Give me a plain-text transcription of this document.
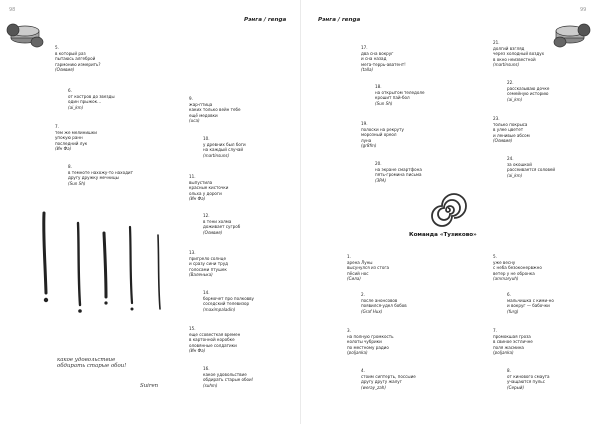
98
Рэнга / renga
5.
в который раз
пытаюсь алгеброй
гармонию измерить?
(Оливия)
6.
от костров до звезды
один прыжок…
(ai_km)
7.
тем же мелинишки
упокую ранн
последний лук
(Ин Фа)
8.
в темноте нахожу-то находит
другу дружку мечницы
(Sun Sh)
9.
жар-птица
каких только вейн тебе
ещё медовки
(uca)
10.
у древних был боги
на каждый случай
(martinsuns)
11.
выпустила
красные кисточки
ольха у дороги
(Ин Фа)
12.
в тени холма
доживает сугроб
(Оливия)
13.
пригрело солнце
и сразу сини труд
голосами птушек
(Валенька)
14.
бормочет про полковву
соседский телевизор
(maximpaladin)
15.
еще ссовесткая времен
в картонной коробке
оловянные солдатики
(Ин Фа)
16.
какое удовольствие
обдирать старые обои!
(suhm)
какое удовольствие
обдирать старые обои!
Suiren
99
Рэнга / renga
17.
два сна вокруг
и сна назад
мега-террь-аватент!
(talla)
18.
на открытом теледоле
крошит пай-бол
(Sun Sh)
19.
полоски на рекруту
морозный ореол
луна
(gr8fm)
20.
на экране смартфона
пять-громина письма
(ЗРА)
21.
долгий взгляд
через холодный воздух
в окно неизвестной
(martinsuns)
22.
рассказываю дочке
семейную историю
(ai_km)
23.
только покрыса
в улее цветет
и ленивые абсом
(Оливия)
24.
за окошкой
рассеивается соловей
(ai_km)
Команда «Тузиково»
1.
арена Луны
высунулся из стога
пёсий нос
(Сила)
2.
после анонсовов
появился-удел бобов
(Graf Hux)
3.
на полную громкость
колоты чубрики
по местному радио
(poljanka)
4.
стоим сиптерть, поссыие
другу другу жалуг
(weray_zah)
5.
уже весну
с неба безоконервжно
ветер у не обронка
(ammaryuh)
6.
мальчишка с кими-но
и вокруг — бабочки
(furg)
7.
промокшая гроза
в свиное эстличне
поля жасмина
(poljanka)
8.
от кинового смаута
учащаются пульс
(Серый)
